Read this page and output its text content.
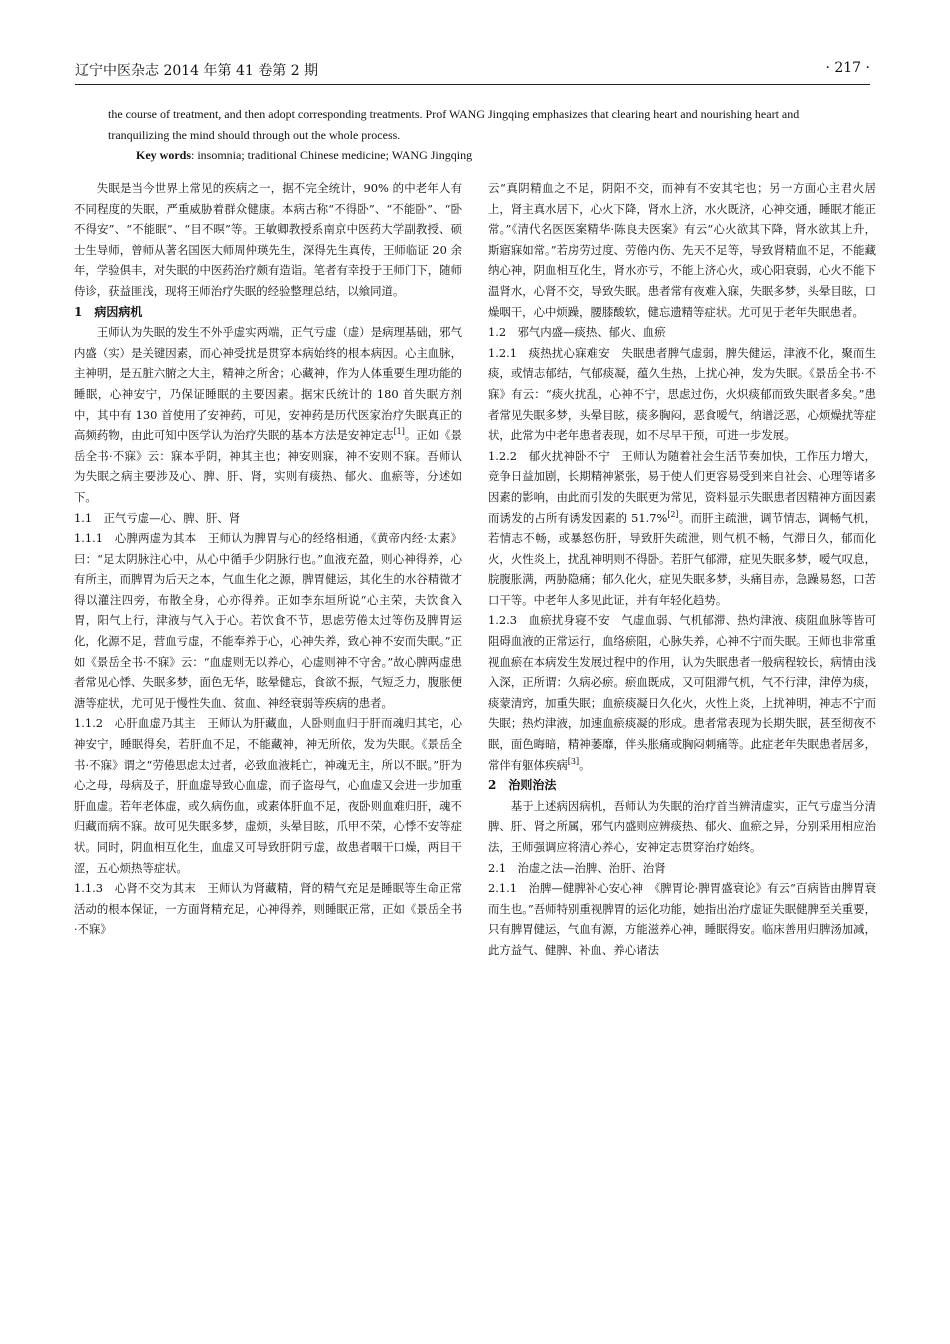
辽宁中医杂志 2014 年第 41 卷第 2 期	· 217 ·
the course of treatment, and then adopt corresponding treatments. Prof WANG Jingqing emphasizes that clearing heart and nourishing heart and tranquilizing the mind should through out the whole process.
Key words: insomnia; traditional Chinese medicine; WANG Jingqing

失眠是当今世界上常见的疾病之一，据不完全统计，90% 的中老年人有不同程度的失眠，严重威胁着群众健康。本病古称“不得卧”、“不能卧”、“卧不得安”、“不能眠”、“目不暝”等。王敏卿教授系南京中医药大学副教授、硕士生导师，曾师从著名国医大师周仲瑛先生，深得先生真传，王师临证 20 余年，学验俱丰，对失眠的中医药治疗颇有造诣。笔者有幸投于王师门下，随师侍诊，获益匪浅，现将王师治疗失眠的经验整理总结，以飨同道。

1　病因病机

王师认为失眠的发生不外乎虚实两端，正气亏虚（虚）是病理基础，邪气内盛（实）是关键因素，而心神受扰是贯穿本病始终的根本病因。心主血脉，主神明，是五脏六腑之大主，精神之所舍；心藏神，作为人体重要生理功能的睡眠，心神安宁，乃保证睡眠的主要因素。据宋氏统计的 180 首失眠方剂中，其中有 130 首使用了安神药，可见，安神药是历代医家治疗失眠真正的高频药物，由此可知中医学认为治疗失眠的基本方法是安神定志[1]。正如《景岳全书·不寐》云：寐本乎阴，神其主也；神安则寐，神不安则不寐。吾师认为失眠之病主要涉及心、脾、肝、肾，实则有痰热、郁火、血瘀等，分述如下。

1.1　正气亏虚—心、脾、肝、肾

1.1.1　心脾两虚为其本　王师认为脾胃与心的经络相通，《黄帝内经·太素》曰：“足太阴脉注心中，从心中循手少阴脉行也。”血液充盈，则心神得养，心有所主，而脾胃为后天之本，气血生化之源，脾胃健运，其化生的水谷精微才得以灌注四旁，布散全身，心亦得养。正如李东垣所说“心主荣，夫饮食入胃，阳气上行，津液与气入于心。若饮食不节，思虑劳倦太过等伤及脾胃运化，化源不足，营血亏虚，不能奉养于心，心神失养，致心神不安而失眠。”正如《景岳全书·不寐》云：“血虚则无以养心，心虚则神不守舍。”故心脾两虚患者常见心悸、失眠多梦，面色无华，眩晕健忘，食欲不振，气短乏力，腹胀便溏等症状，尤可见于慢性失血、贫血、神经衰弱等疾病的患者。

1.1.2　心肝血虚乃其主　王师认为肝藏血，人卧则血归于肝而魂归其宅，心神安宁，睡眠得矣，若肝血不足，不能藏神，神无所依，发为失眠。《景岳全书·不寐》谓之“劳倦思虑太过者，必致血液耗亡，神魂无主，所以不眠。”肝为心之母，母病及子，肝血虚导致心血虚，而子盗母气，心血虚又会进一步加重肝血虚。若年老体虚，或久病伤血，或素体肝血不足，夜卧则血难归肝，魂不归藏而病不寐。故可见失眠多梦，虚烦，头晕目眩，爪甲不荣，心悸不安等症状。同时，阴血相互化生，血虚又可导致肝阴亏虚，故患者咽干口燥，两目干涩，五心烦热等症状。

1.1.3　心肾不交为其末　王师认为肾藏精，肾的精气充足是睡眠等生命正常活动的根本保证，一方面肾精充足，心神得养，则睡眠正常，正如《景岳全书·不寐》

云“真阴精血之不足，阴阳不交，而神有不安其宅也；另一方面心主君火居上，肾主真水居下，心火下降，肾水上济，水火既济，心神交通，睡眠才能正常。”《清代名医医案精华·陈良夫医案》有云“心火欲其下降，肾水欲其上升，斯寤寐如常。”若房劳过度、劳倦内伤、先天不足等，导致肾精血不足，不能藏纳心神，阴血相互化生，肾水亦亏，不能上济心火，或心阳衰弱，心火不能下温肾水，心肾不交，导致失眠。患者常有夜难入寐，失眠多梦，头晕目眩，口燥咽干，心中烦躁，腰膝酸软，健忘遗精等症状。尤可见于老年失眠患者。

1.2　邪气内盛—痰热、郁火、血瘀

1.2.1　痰热扰心寐难安　失眠患者脾气虚弱，脾失健运，津液不化，聚而生痰，或情志郁结，气郁痰凝，蕴久生热，上扰心神，发为失眠。《景岳全书·不寐》有云：“痰火扰乱，心神不宁，思虑过伤，火炽痰郁而致失眠者多矣。”患者常见失眠多梦，头晕目眩，痰多胸闷，恶食嗳气，纳谱泛恶，心烦燥扰等症状，此常为中老年患者表现，如不尽早干预，可进一步发展。

1.2.2　郁火扰神卧不宁　王师认为随着社会生活节奏加快，工作压力增大，竞争日益加剧，长期精神紧张，易于使人们更容易受到来自社会、心理等诸多因素的影响，由此而引发的失眠更为常见，资料显示失眠患者因精神方面因素而诱发的占所有诱发因素的 51.7%[2]。而肝主疏泄，调节情志，调畅气机，若情志不畅，或暴怒伤肝，导致肝失疏泄，则气机不畅，气滞日久，郁而化火，火性炎上，扰乱神明则不得卧。若肝气郁滞，症见失眠多梦，嗳气叹息，脘腹胀满，两胁隐痛；郁久化火，症见失眠多梦，头痛目赤，急躁易怒，口苦口干等。中老年人多见此证，并有年轻化趋势。

1.2.3　血瘀扰身寝不安　气虚血弱、气机郁滞、热灼津液、痰阻血脉等皆可阻碍血液的正常运行，血络瘀阻，心脉失养，心神不宁而失眠。王师也非常重视血瘀在本病发生发展过程中的作用，认为失眠患者一般病程较长，病情由浅入深，正所谓：久病必瘀。瘀血既成，又可阻滞气机，气不行津，津停为痰，痰蒙清窍，加重失眠；血瘀痰凝日久化火，火性上炎，上扰神明，神志不宁而失眠；热灼津液，加速血瘀痰凝的形成。患者常表现为长期失眠，甚至彻夜不眠，面色晦暗，精神萎靡，伴头胀痛或胸闷刺痛等。此症老年失眠患者居多，常伴有躯体疾病[3]。

2　治则治法

基于上述病因病机，吾师认为失眠的治疗首当辨清虚实，正气亏虚当分清脾、肝、肾之所属，邪气内盛则应辨痰热、郁火、血瘀之异，分别采用相应治法，王师强调应将清心养心，安神定志贯穿治疗始终。

2.1　治虚之法—治脾、治肝、治肾

2.1.1　治脾—健脾补心安心神　《脾胃论·脾胃盛衰论》有云“百病皆由脾胃衰而生也。”吾师特别重视脾胃的运化功能，她指出治疗虚证失眠健脾至关重要，只有脾胃健运，气血有源，方能滋养心神，睡眠得安。临床善用归脾汤加减，此方益气、健脾、补血、养心诸法
